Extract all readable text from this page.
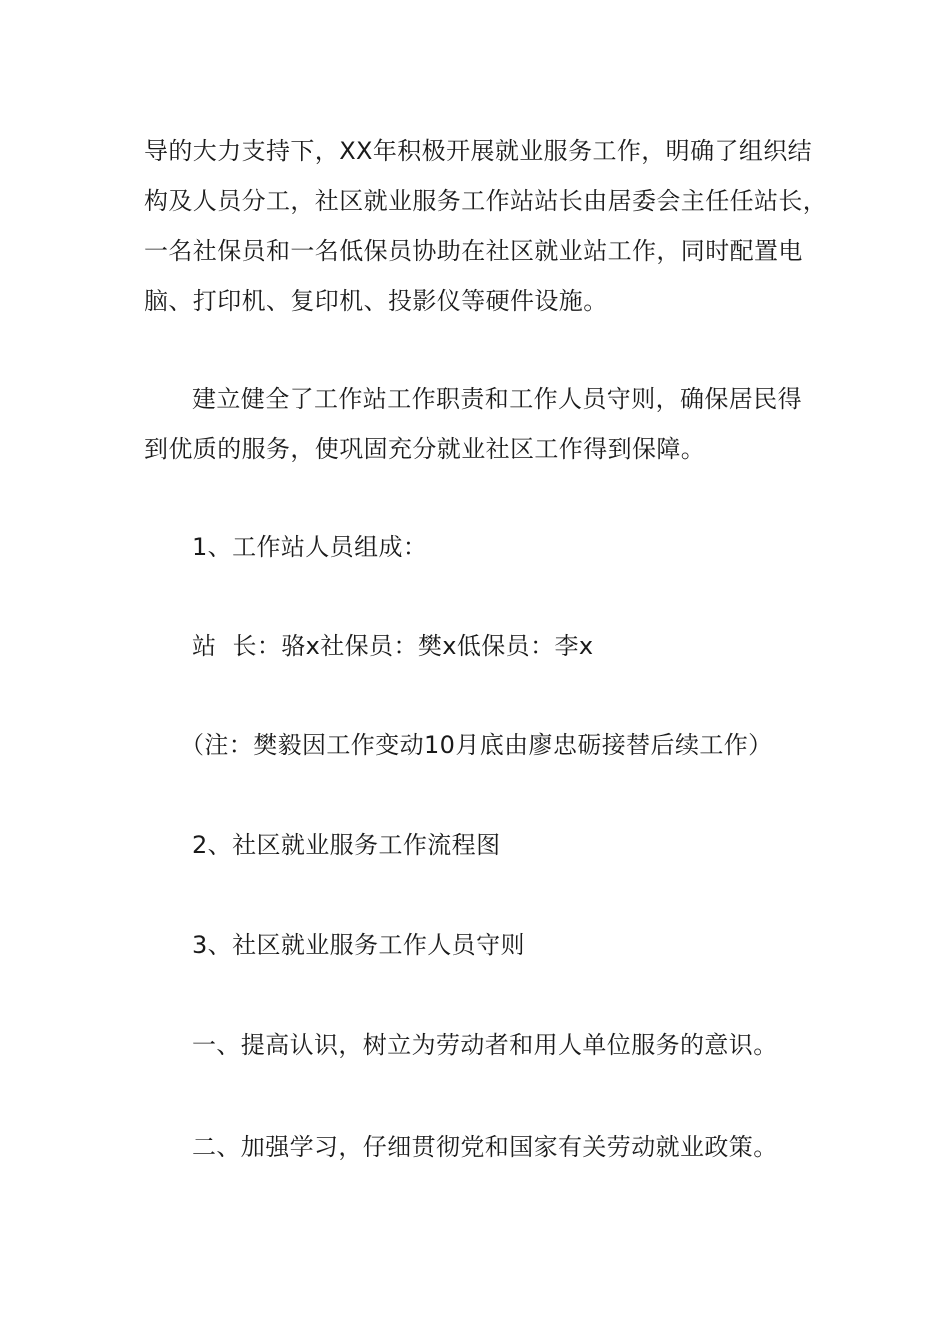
导的大力支持下，XX年积极开展就业服务工作，明确了组织结
构及人员分工，社区就业服务工作站站长由居委会主任任站长，
一名社保员和一名低保员协助在社区就业站工作，同时配置电
脑、打印机、复印机、投影仪等硬件设施。

建立健全了工作站工作职责和工作人员守则，确保居民得
到优质的服务，使巩固充分就业社区工作得到保障。

1、工作站人员组成：

站  长：骆x社保员：樊x低保员：李x

（注：樊毅因工作变动10月底由廖忠砺接替后续工作）

2、社区就业服务工作流程图

3、社区就业服务工作人员守则

一、提高认识，树立为劳动者和用人单位服务的意识。

二、加强学习，仔细贯彻党和国家有关劳动就业政策。
